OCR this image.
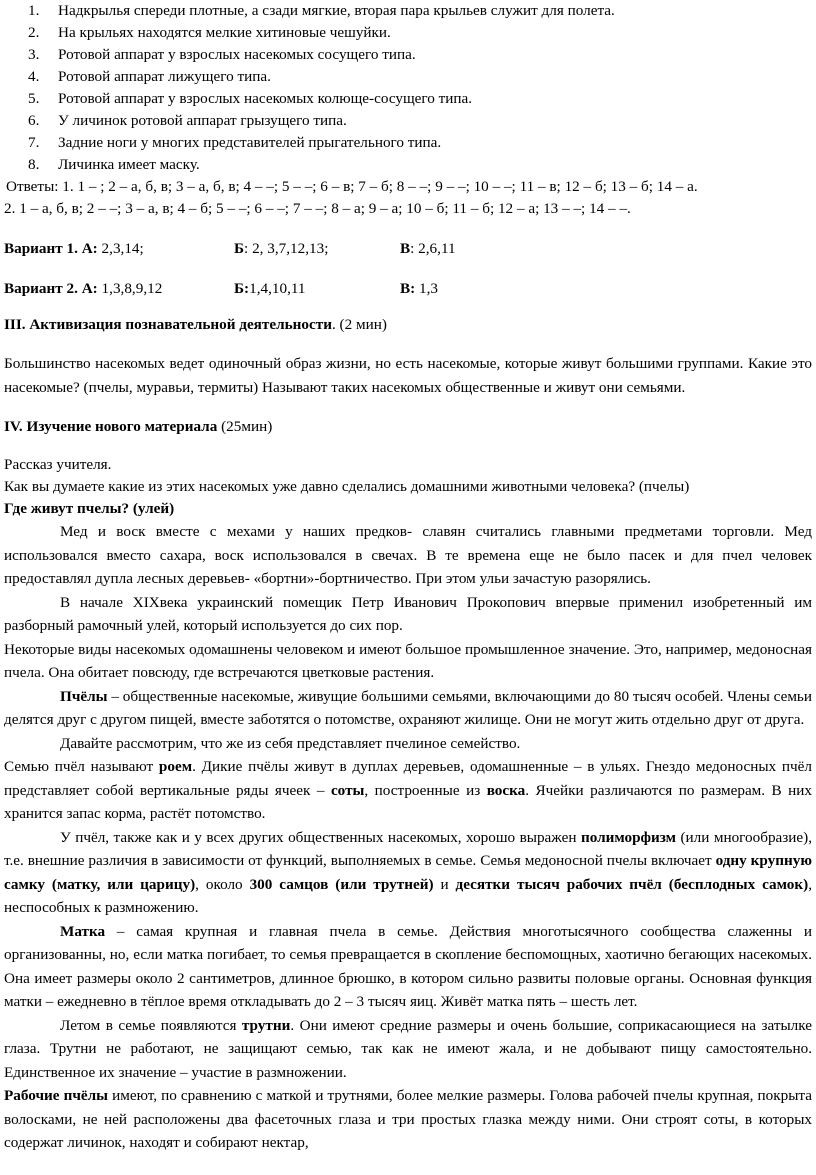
1.	Надкрылья спереди плотные, а сзади мягкие, вторая пара крыльев служит для полета.
2.	На крыльях находятся мелкие хитиновые чешуйки.
3.	Ротовой аппарат у взрослых насекомых сосущего типа.
4.	Ротовой аппарат лижущего типа.
5.	Ротовой аппарат у взрослых насекомых колюще-сосущего типа.
6.	У личинок ротовой аппарат грызущего типа.
7.	Задние ноги у многих представителей прыгательного типа.
8.	Личинка имеет маску.

Ответы: 1. 1 – ; 2 – а, б, в; 3 – а, б, в; 4 – –; 5 – –; 6 – в; 7 – б; 8 – –; 9 – –; 10 – –; 11 – в; 12 – б; 13 – б; 14 – а.

2. 1 – а, б, в; 2 – –; 3 – а, в; 4 – б; 5 – –; 6 – –; 7 – –; 8 – а; 9 – а; 10 – б; 11 – б; 12 – а; 13 – –; 14 – –.

Вариант 1. А: 2,3,14;	Б: 2, 3,7,12,13;	В: 2,6,11
Вариант 2. А: 1,3,8,9,12	Б:1,4,10,11	В: 1,3

III. Активизация познавательной деятельности. (2 мин)

Большинство насекомых ведет одиночный образ жизни, но есть насекомые, которые живут большими группами. Какие это насекомые? (пчелы, муравьи, термиты) Называют таких насекомых общественные и живут они семьями.

IV. Изучение нового материала (25мин)

Рассказ учителя.

Как вы думаете какие из этих насекомых уже давно сделались домашними животными человека? (пчелы)

Где живут пчелы? (улей)

Мед и воск вместе с мехами у наших предков- славян считались главными предметами торговли. Мед использовался вместо сахара, воск использовался в свечах. В те времена еще не было пасек и для пчел человек предоставлял дупла лесных деревьев- «бортни»-бортничество. При этом ульи зачастую разорялись.

В начале XIXвека украинский помещик Петр Иванович Прокопович впервые применил изобретенный им разборный рамочный улей, который используется до сих пор.

Некоторые виды насекомых одомашнены человеком и имеют большое промышленное значение. Это, например, медоносная пчела. Она обитает повсюду, где встречаются цветковые растения.

Пчёлы – общественные насекомые, живущие большими семьями, включающими до 80 тысяч особей. Члены семьи делятся друг с другом пищей, вместе заботятся о потомстве, охраняют жилище. Они не могут жить отдельно друг от друга.

Давайте рассмотрим, что же из себя представляет пчелиное семейство.

Семью пчёл называют роем. Дикие пчёлы живут в дуплах деревьев, одомашненные – в ульях. Гнездо медоносных пчёл представляет собой вертикальные ряды ячеек – соты, построенные из воска. Ячейки различаются по размерам. В них хранится запас корма, растёт потомство.

У пчёл, также как и у всех других общественных насекомых, хорошо выражен полиморфизм (или многообразие), т.е. внешние различия в зависимости от функций, выполняемых в семье. Семья медоносной пчелы включает одну крупную самку (матку, или царицу), около 300 самцов (или трутней) и десятки тысяч рабочих пчёл (бесплодных самок), неспособных к размножению.

Матка – самая крупная и главная пчела в семье. Действия многотысячного сообщества слаженны и организованны, но, если матка погибает, то семья превращается в скопление беспомощных, хаотично бегающих насекомых. Она имеет размеры около 2 сантиметров, длинное брюшко, в котором сильно развиты половые органы. Основная функция матки – ежедневно в тёплое время откладывать до 2 – 3 тысяч яиц. Живёт матка пять – шесть лет.

Летом в семье появляются трутни. Они имеют средние размеры и очень большие, соприкасающиеся на затылке глаза. Трутни не работают, не защищают семью, так как не имеют жала, и не добывают пищу самостоятельно. Единственное их значение – участие в размножении.

Рабочие пчёлы имеют, по сравнению с маткой и трутнями, более мелкие размеры. Голова рабочей пчелы крупная, покрыта волосками, не ней расположены два фасеточных глаза и три простых глазка между ними. Они строят соты, в которых содержат личинок, находят и собирают нектар,
